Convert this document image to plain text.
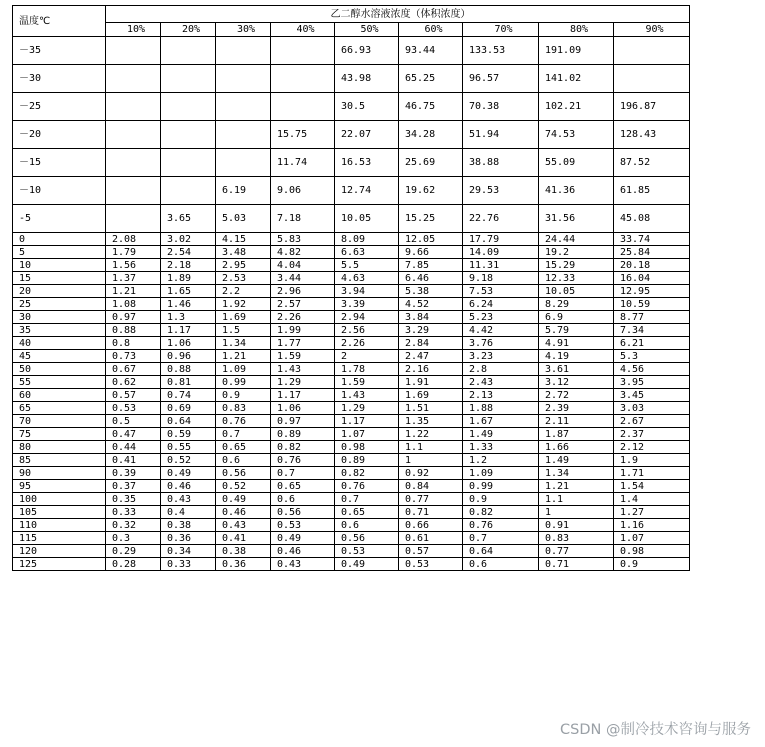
温度℃	乙二醇水溶液浓度（体积浓度）								
	10%	20%	30%	40%	50%	60%	70%	80%	90%
－35					66.93	93.44	133.53	191.09	
－30					43.98	65.25	96.57	141.02	
－25					30.5	46.75	70.38	102.21	196.87
－20				15.75	22.07	34.28	51.94	74.53	128.43
－15				11.74	16.53	25.69	38.88	55.09	87.52
－10			6.19	9.06	12.74	19.62	29.53	41.36	61.85
-5		3.65	5.03	7.18	10.05	15.25	22.76	31.56	45.08
0	2.08	3.02	4.15	5.83	8.09	12.05	17.79	24.44	33.74
5	1.79	2.54	3.48	4.82	6.63	9.66	14.09	19.2	25.84
10	1.56	2.18	2.95	4.04	5.5	7.85	11.31	15.29	20.18
15	1.37	1.89	2.53	3.44	4.63	6.46	9.18	12.33	16.04
20	1.21	1.65	2.2	2.96	3.94	5.38	7.53	10.05	12.95
25	1.08	1.46	1.92	2.57	3.39	4.52	6.24	8.29	10.59
30	0.97	1.3	1.69	2.26	2.94	3.84	5.23	6.9	8.77
35	0.88	1.17	1.5	1.99	2.56	3.29	4.42	5.79	7.34
40	0.8	1.06	1.34	1.77	2.26	2.84	3.76	4.91	6.21
45	0.73	0.96	1.21	1.59	2	2.47	3.23	4.19	5.3
50	0.67	0.88	1.09	1.43	1.78	2.16	2.8	3.61	4.56
55	0.62	0.81	0.99	1.29	1.59	1.91	2.43	3.12	3.95
60	0.57	0.74	0.9	1.17	1.43	1.69	2.13	2.72	3.45
65	0.53	0.69	0.83	1.06	1.29	1.51	1.88	2.39	3.03
70	0.5	0.64	0.76	0.97	1.17	1.35	1.67	2.11	2.67
75	0.47	0.59	0.7	0.89	1.07	1.22	1.49	1.87	2.37
80	0.44	0.55	0.65	0.82	0.98	1.1	1.33	1.66	2.12
85	0.41	0.52	0.6	0.76	0.89	1	1.2	1.49	1.9
90	0.39	0.49	0.56	0.7	0.82	0.92	1.09	1.34	1.71
95	0.37	0.46	0.52	0.65	0.76	0.84	0.99	1.21	1.54
100	0.35	0.43	0.49	0.6	0.7	0.77	0.9	1.1	1.4
105	0.33	0.4	0.46	0.56	0.65	0.71	0.82	1	1.27
110	0.32	0.38	0.43	0.53	0.6	0.66	0.76	0.91	1.16
115	0.3	0.36	0.41	0.49	0.56	0.61	0.7	0.83	1.07
120	0.29	0.34	0.38	0.46	0.53	0.57	0.64	0.77	0.98
125	0.28	0.33	0.36	0.43	0.49	0.53	0.6	0.71	0.9
CSDN @制冷技术咨询与服务
